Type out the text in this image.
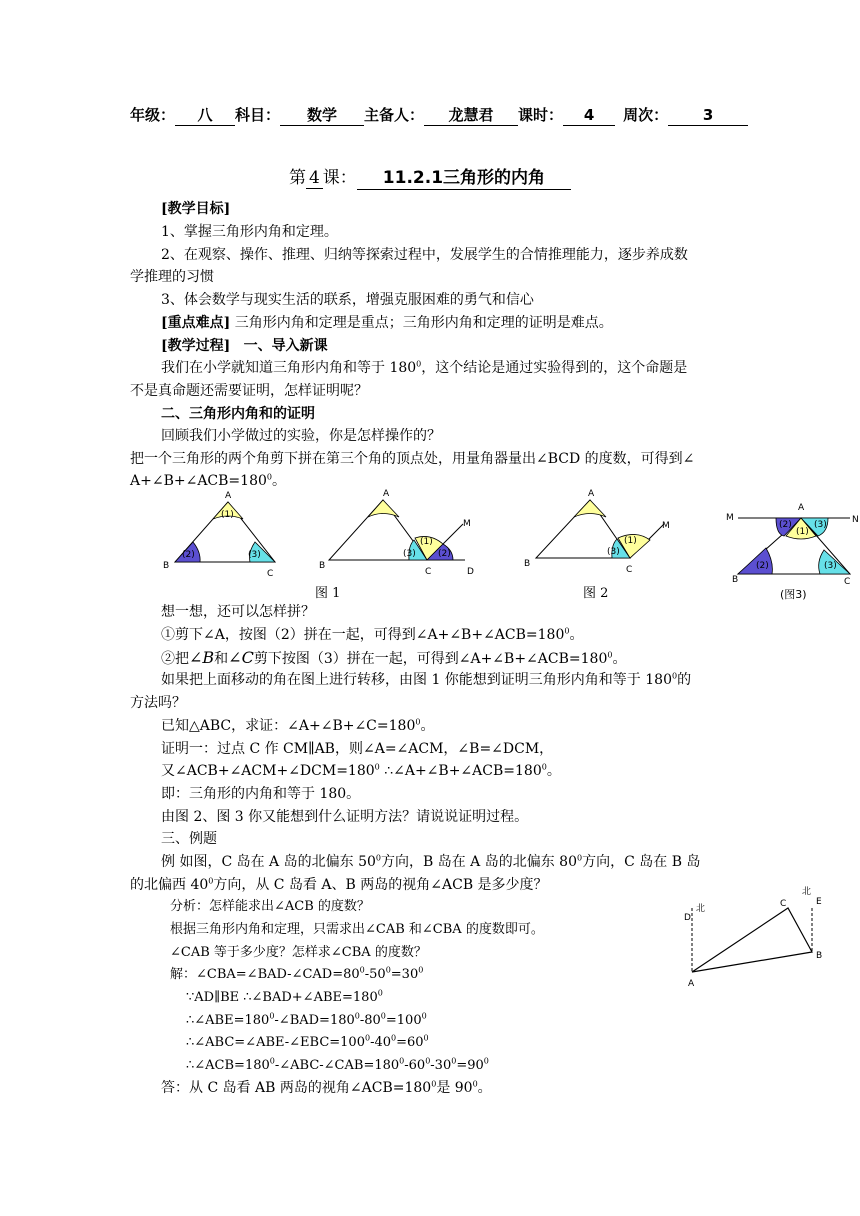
年级： 八 科目： 数学 主备人： 龙慧君 课时： 4 周次： 3
第 4 课： 11.2.1三角形的内角
[教学目标]
1、掌握三角形内角和定理。
2、在观察、操作、推理、归纳等探索过程中，发展学生的合情推理能力，逐步养成数
学推理的习惯
3、体会数学与现实生活的联系，增强克服困难的勇气和信心
[重点难点] 三角形内角和定理是重点；三角形内角和定理的证明是难点。
[教学过程] 一、导入新课
我们在小学就知道三角形内角和等于 $180^0$，这个结论是通过实验得到的，这个命题是
不是真命题还需要证明，怎样证明呢？
二、三角形内角和的证明
回顾我们小学做过的实验，你是怎样操作的？
把一个三角形的两个角剪下拼在第三个角的顶点处，用量角器量出∠BCD 的度数，可得到∠
$A+\angle B+\angle ACB=180^0$。
A
(1)
(2)	(3)
B
C
A
M
(3)
(1)
(2)
B
C	D
A
M
(3)
(1)
B
C
A
M	N
(2)
(1)
(3)
(2)	(3)
B	C
图 1	图 2	(图3)
想一想，还可以怎样拼？
①剪下∠A，按图（2）拼在一起，可得到$\angle A+\angle B+\angle ACB=180^0$。
②把∠B和∠C剪下按图（3）拼在一起，可得到$\angle A+\angle B+\angle ACB=180^0$。
如果把上面移动的角在图上进行转移，由图 1 你能想到证明三角形内角和等于 $180^0$的
方法吗？
已知△ABC，求证：$\angle A+\angle B+\angle C=180^0$。
证明一：过点 C 作 CM∥AB，则∠A=∠ACM，∠B=∠DCM，
又$\angle ACB+\angle ACM+\angle DCM=180^0$ $\therefore\angle A+\angle B+\angle ACB=180^0$。
即：三角形的内角和等于 180。
由图 2、图 3 你又能想到什么证明方法？请说说证明过程。
三、例题
例 如图，C 岛在 A 岛的北偏东 $50^0$方向，B 岛在 A 岛的北偏东 $80^0$方向，C 岛在 B 岛
的北偏西 $40^0$方向，从 C 岛看 A、B 两岛的视角∠ACB 是多少度？
分析：怎样能求出∠ACB 的度数？
根据三角形内角和定理，只需求出∠CAB 和∠CBA 的度数即可。
∠CAB 等于多少度？怎样求∠CBA 的度数？
解：$\angle CBA=\angle BAD-\angle CAD=80^0-50^0=30^0$
∵AD∥BE $\therefore\angle BAD+\angle ABE=180^0$
$\therefore\angle ABE=180^0-\angle BAD=180^0-80^0=100^0$
$\therefore\angle ABC=\angle ABE-\angle EBC=100^0-40^0=60^0$
$\therefore\angle ACB=180^0-\angle ABC-\angle CAB=180^0-60^0-30^0=90^0$
答：从 C 岛看 AB 两岛的视角$\angle ACB=180^0$是 $90^0$。
北
北
D
E
C
B
A
